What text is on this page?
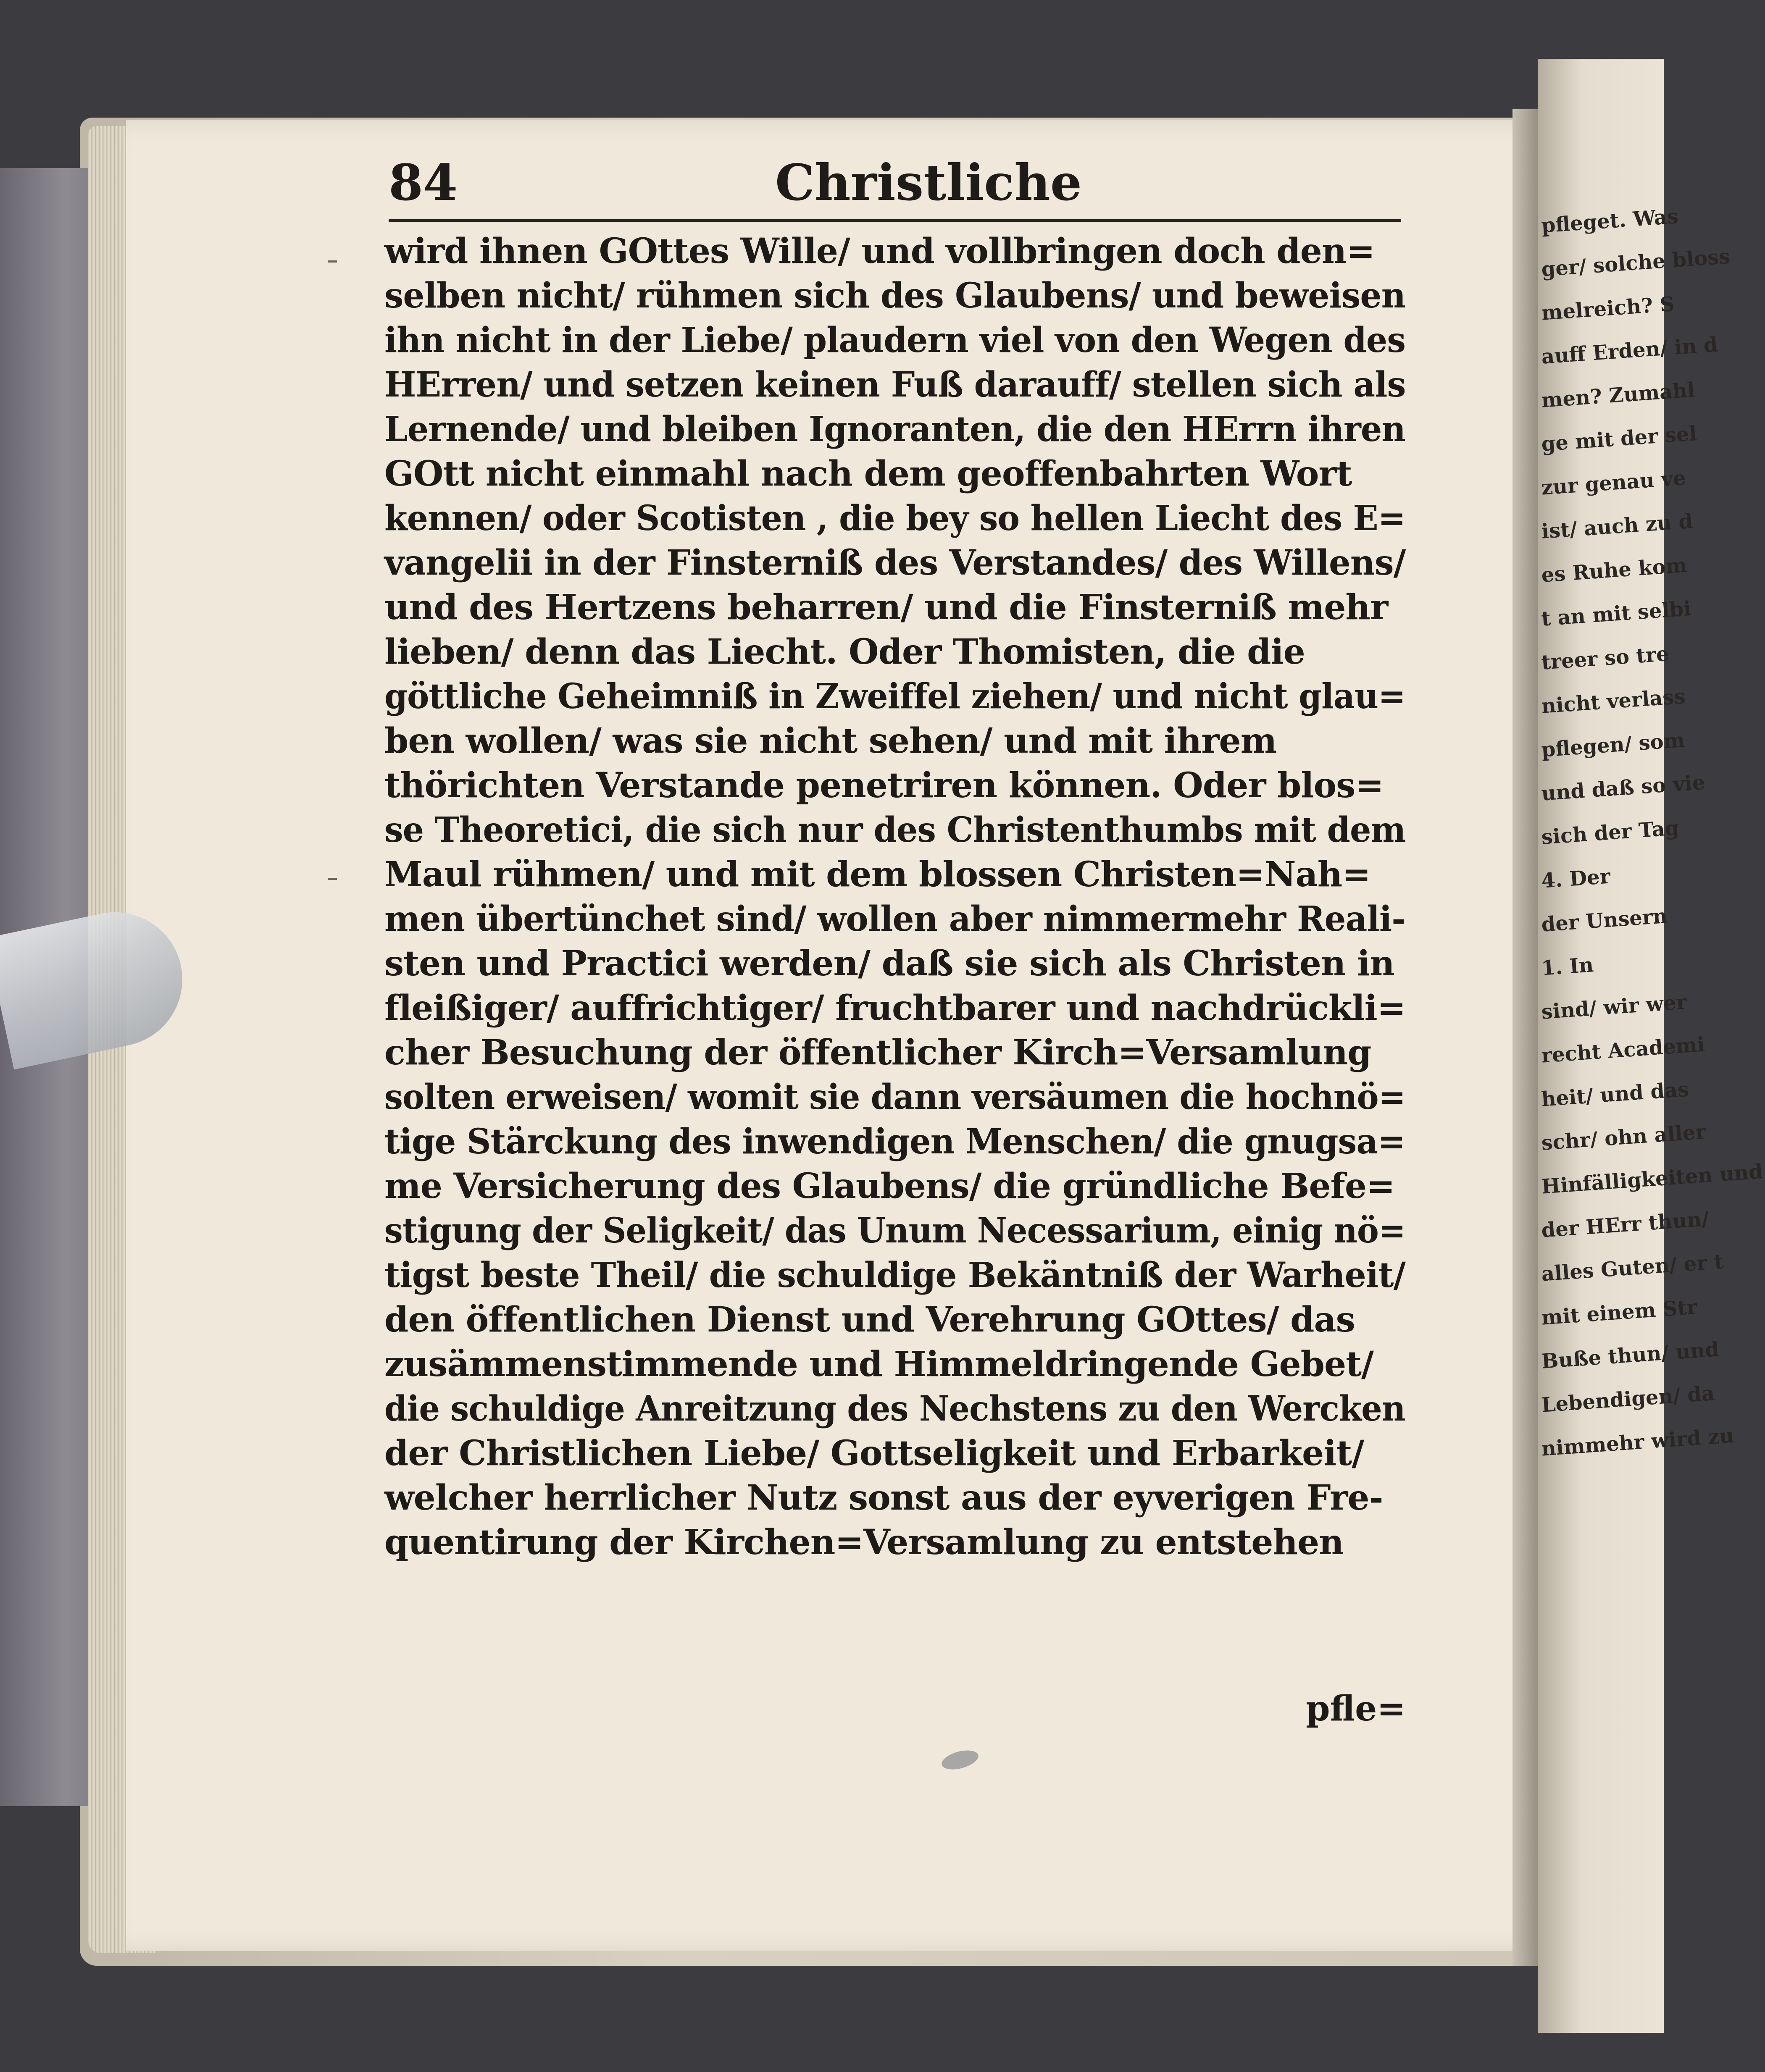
pfleget. Was
ger/ solche bloss
melreich? S
auff Erden/ in d
men? Zumahl
ge mit der sel
zur genau ve
ist/ auch zu d
es Ruhe kom
t an mit selbi
treer so tre
nicht verlass
pflegen/ som
und daß so vie
sich der Tag
4. Der
der Unsern
1. In
sind/ wir wer
recht Academi
heit/ und das
schr/ ohn aller
Hinfälligkeiten und
der HErr thun/
alles Guten/ er t
mit einem Str
Buße thun/ und
Lebendigen/ da
nimmehr wird zu
84	Christliche
wird ihnen GOttes Wille/ und vollbringen doch den=
selben nicht/ rühmen sich des Glaubens/ und beweisen
ihn nicht in der Liebe/ plaudern viel von den Wegen des
HErren/ und setzen keinen Fuß darauff/ stellen sich als
Lernende/ und bleiben Ignoranten, die den HErrn ihren
GOtt nicht einmahl nach dem geoffenbahrten Wort
kennen/ oder Scotisten , die bey so hellen Liecht des E=
vangelii in der Finsterniß des Verstandes/ des Willens/
und des Hertzens beharren/ und die Finsterniß mehr
lieben/ denn das Liecht. Oder Thomisten, die die
göttliche Geheimniß in Zweiffel ziehen/ und nicht glau=
ben wollen/ was sie nicht sehen/ und mit ihrem
thörichten Verstande penetriren können. Oder blos=
se Theoretici, die sich nur des Christenthumbs mit dem
Maul rühmen/ und mit dem blossen Christen=Nah=
men übertünchet sind/ wollen aber nimmermehr Reali-
sten und Practici werden/ daß sie sich als Christen in
fleißiger/ auffrichtiger/ fruchtbarer und nachdrückli=
cher Besuchung der öffentlicher Kirch=Versamlung
solten erweisen/ womit sie dann versäumen die hochnö=
tige Stärckung des inwendigen Menschen/ die gnugsa=
me Versicherung des Glaubens/ die gründliche Befe=
stigung der Seligkeit/ das Unum Necessarium, einig nö=
tigst beste Theil/ die schuldige Bekäntniß der Warheit/
den öffentlichen Dienst und Verehrung GOttes/ das
zusämmenstimmende und Himmeldringende Gebet/
die schuldige Anreitzung des Nechstens zu den Wercken
der Christlichen Liebe/ Gottseligkeit und Erbarkeit/
welcher herrlicher Nutz sonst aus der eyverigen Fre-
quentirung der Kirchen=Versamlung zu entstehen
pfle=
